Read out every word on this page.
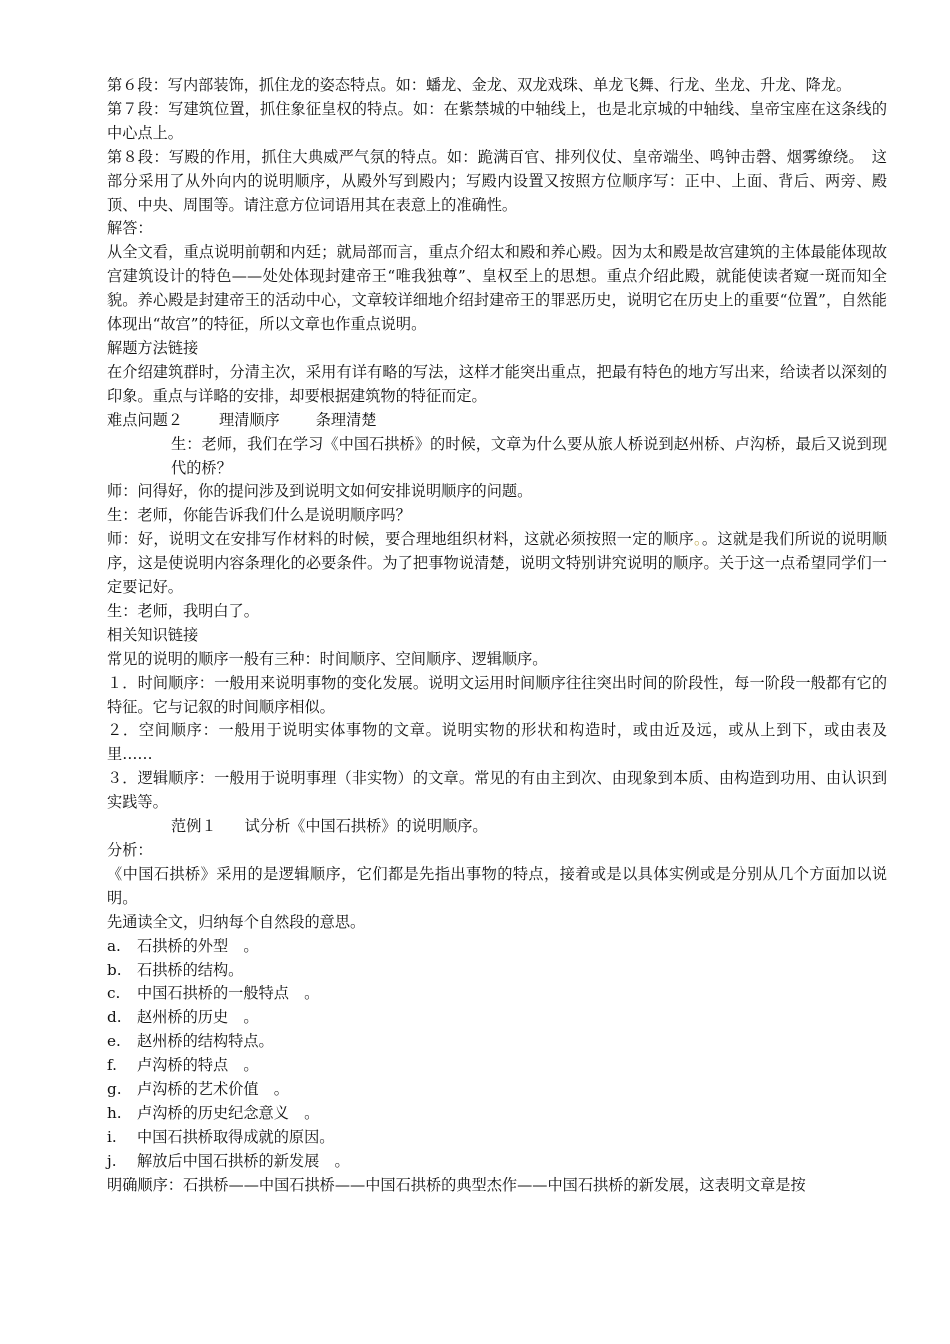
第６段：写内部装饰，抓住龙的姿态特点。如：蟠龙、金龙、双龙戏珠、单龙飞舞、行龙、坐龙、升龙、降龙。

第７段：写建筑位置，抓住象征皇权的特点。如：在紫禁城的中轴线上，也是北京城的中轴线、皇帝宝座在这条线的中心点上。

第８段：写殿的作用，抓住大典威严气氛的特点。如：跪满百官、排列仪仗、皇帝端坐、鸣钟击磬、烟雾缭绕。　这部分采用了从外向内的说明顺序，从殿外写到殿内；写殿内设置又按照方位顺序写：正中、上面、背后、两旁、殿顶、中央、周围等。请注意方位词语用其在表意上的准确性。

解答：

从全文看，重点说明前朝和内廷；就局部而言，重点介绍太和殿和养心殿。因为太和殿是故宫建筑的主体最能体现故宫建筑设计的特色——处处体现封建帝王“唯我独尊”、皇权至上的思想。重点介绍此殿，就能使读者窥一斑而知全貌。养心殿是封建帝王的活动中心，文章较详细地介绍封建帝王的罪恶历史，说明它在历史上的重要“位置”，自然能体现出“故宫”的特征，所以文章也作重点说明。

解题方法链接

在介绍建筑群时，分清主次，采用有详有略的写法，这样才能突出重点，把最有特色的地方写出来，给读者以深刻的印象。重点与详略的安排，却要根据建筑物的特征而定。

难点问题２ 理清顺序 条理清楚

生：老师，我们在学习《中国石拱桥》的时候，文章为什么要从旅人桥说到赵州桥、卢沟桥，最后又说到现代的桥？

师：问得好，你的提问涉及到说明文如何安排说明顺序的问题。

生：老师，你能告诉我们什么是说明顺序吗？

师：好，说明文在安排写作材料的时候，要合理地组织材料，这就必须按照一定的顺序。。这就是我们所说的说明顺序，这是使说明内容条理化的必要条件。为了把事物说清楚，说明文特别讲究说明的顺序。关于这一点希望同学们一定要记好。

生：老师，我明白了。

相关知识链接

常见的说明的顺序一般有三种：时间顺序、空间顺序、逻辑顺序。

１．时间顺序：一般用来说明事物的变化发展。说明文运用时间顺序往往突出时间的阶段性，每一阶段一般都有它的特征。它与记叙的时间顺序相似。

２．空间顺序：一般用于说明实体事物的文章。说明实物的形状和构造时，或由近及远，或从上到下，或由表及里……

３．逻辑顺序：一般用于说明事理（非实物）的文章。常见的有由主到次、由现象到本质、由构造到功用、由认识到实践等。

范例１ 试分析《中国石拱桥》的说明顺序。

分析：

《中国石拱桥》采用的是逻辑顺序，它们都是先指出事物的特点，接着或是以具体实例或是分别从几个方面加以说明。

先通读全文，归纳每个自然段的意思。

a.	石拱桥的外型　。
b.	石拱桥的结构。
c.	中国石拱桥的一般特点　。
d.	赵州桥的历史　。
e.	赵州桥的结构特点。
f.	卢沟桥的特点　。
g.	卢沟桥的艺术价值　。
h.	卢沟桥的历史纪念意义　。
i.	中国石拱桥取得成就的原因。
j.	解放后中国石拱桥的新发展　。

明确顺序：石拱桥——中国石拱桥——中国石拱桥的典型杰作——中国石拱桥的新发展，这表明文章是按
